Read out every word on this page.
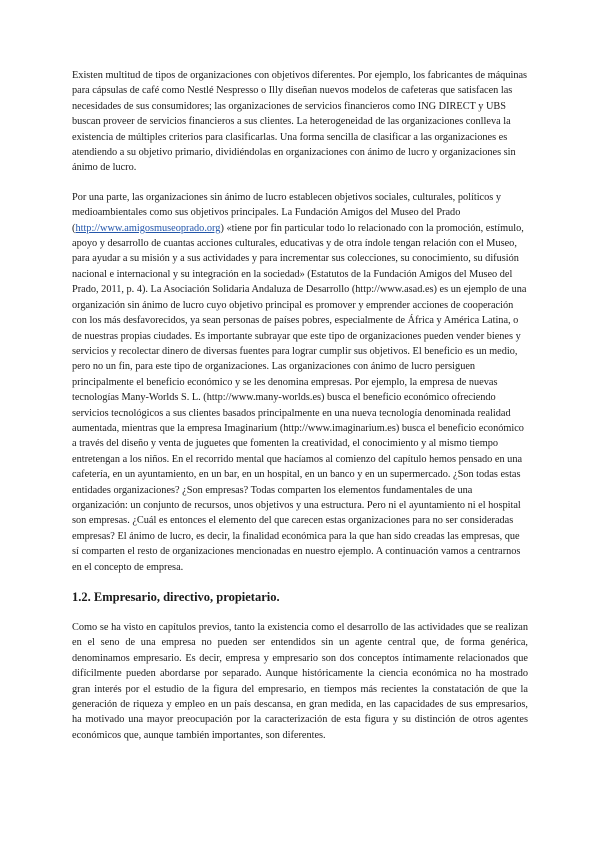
Existen multitud de tipos de organizaciones con objetivos diferentes. Por ejemplo, los fabricantes de máquinas para cápsulas de café como Nestlé Nespresso o Illy diseñan nuevos modelos de cafeteras que satisfacen las necesidades de sus consumidores; las organizaciones de servicios financieros como ING DIRECT y UBS buscan proveer de servicios financieros a sus clientes. La heterogeneidad de las organizaciones conlleva la existencia de múltiples criterios para clasificarlas. Una forma sencilla de clasificar a las organizaciones es atendiendo a su objetivo primario, dividiéndolas en organizaciones con ánimo de lucro y organizaciones sin ánimo de lucro.

Por una parte, las organizaciones sin ánimo de lucro establecen objetivos sociales, culturales, políticos y medioambientales como sus objetivos principales. La Fundación Amigos del Museo del Prado (http://www.amigosmuseoprado.org) «tiene por fin particular todo lo relacionado con la promoción, estímulo, apoyo y desarrollo de cuantas acciones culturales, educativas y de otra índole tengan relación con el Museo, para ayudar a su misión y a sus actividades y para incrementar sus colecciones, su conocimiento, su difusión nacional e internacional y su integración en la sociedad» (Estatutos de la Fundación Amigos del Museo del Prado, 2011, p. 4). La Asociación Solidaria Andaluza de Desarrollo (http://www.asad.es) es un ejemplo de una organización sin ánimo de lucro cuyo objetivo principal es promover y emprender acciones de cooperación con los más desfavorecidos, ya sean personas de países pobres, especialmente de África y América Latina, o de nuestras propias ciudades. Es importante subrayar que este tipo de organizaciones pueden vender bienes y servicios y recolectar dinero de diversas fuentes para lograr cumplir sus objetivos. El beneficio es un medio, pero no un fin, para este tipo de organizaciones. Las organizaciones con ánimo de lucro persiguen principalmente el beneficio económico y se les denomina empresas. Por ejemplo, la empresa de nuevas tecnologías Many-Worlds S. L. (http://www.many-worlds.es) busca el beneficio económico ofreciendo servicios tecnológicos a sus clientes basados principalmente en una nueva tecnología denominada realidad aumentada, mientras que la empresa Imaginarium (http://www.imaginarium.es) busca el beneficio económico a través del diseño y venta de juguetes que fomenten la creatividad, el conocimiento y al mismo tiempo entretengan a los niños. En el recorrido mental que hacíamos al comienzo del capítulo hemos pensado en una cafetería, en un ayuntamiento, en un bar, en un hospital, en un banco y en un supermercado. ¿Son todas estas entidades organizaciones? ¿Son empresas? Todas comparten los elementos fundamentales de una organización: un conjunto de recursos, unos objetivos y una estructura. Pero ni el ayuntamiento ni el hospital son empresas. ¿Cuál es entonces el elemento del que carecen estas organizaciones para no ser consideradas empresas? El ánimo de lucro, es decir, la finalidad económica para la que han sido creadas las empresas, que sí comparten el resto de organizaciones mencionadas en nuestro ejemplo. A continuación vamos a centrarnos en el concepto de empresa.

1.2. Empresario, directivo, propietario.

Como se ha visto en capítulos previos, tanto la existencia como el desarrollo de las actividades que se realizan en el seno de una empresa no pueden ser entendidos sin un agente central que, de forma genérica, denominamos empresario. Es decir, empresa y empresario son dos conceptos íntimamente relacionados que difícilmente pueden abordarse por separado. Aunque históricamente la ciencia económica no ha mostrado gran interés por el estudio de la figura del empresario, en tiempos más recientes la constatación de que la generación de riqueza y empleo en un país descansa, en gran medida, en las capacidades de sus empresarios, ha motivado una mayor preocupación por la caracterización de esta figura y su distinción de otros agentes económicos que, aunque también importantes, son diferentes.
